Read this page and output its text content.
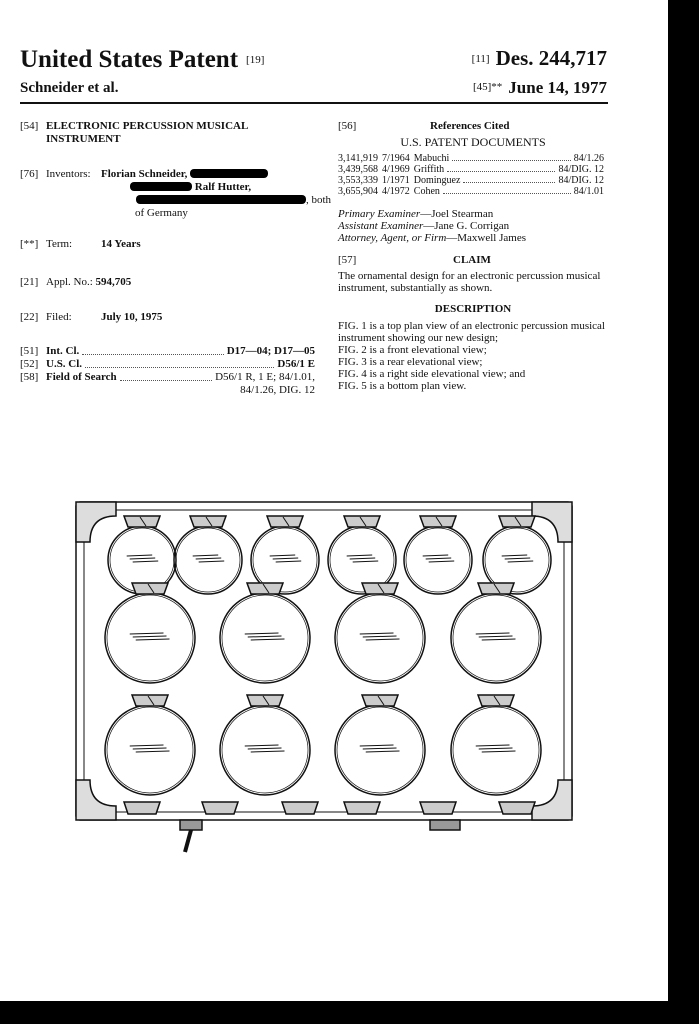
United States Patent [19]
Schneider et al.
[11] Des. 244,717
[45]** June 14, 1977
[54] ELECTRONIC PERCUSSION MUSICAL
INSTRUMENT
[76] Inventors: Florian Schneider,
Ralf Hutter,
, both
of Germany
[**] Term:	14 Years
[21] Appl. No.: 594,705
[22] Filed:	July 10, 1975
[51] Int. Cl.	D17—04; D17—05
[52] U.S. Cl.	D56/1 E
[58] Field of Search	D56/1 R, 1 E; 84/1.01,
84/1.26, DIG. 12
[56]	References Cited
U.S. PATENT DOCUMENTS
3,141,919	7/1964	Mabuchi 84/1.26

3,439,568	4/1969	Griffith 84/DIG. 12

3,553,339	1/1971	Dominguez 84/DIG. 12

3,655,904	4/1972	Cohen 84/1.01
Primary Examiner—Joel Stearman
Assistant Examiner—Jane G. Corrigan
Attorney, Agent, or Firm—Maxwell James
[57]	CLAIM
The ornamental design for an electronic percussion musical instrument, substantially as shown.
DESCRIPTION
FIG. 1 is a top plan view of an electronic percussion musical instrument showing our new design;
FIG. 2 is a front elevational view;
FIG. 3 is a rear elevational view;
FIG. 4 is a right side elevational view; and
FIG. 5 is a bottom plan view.
